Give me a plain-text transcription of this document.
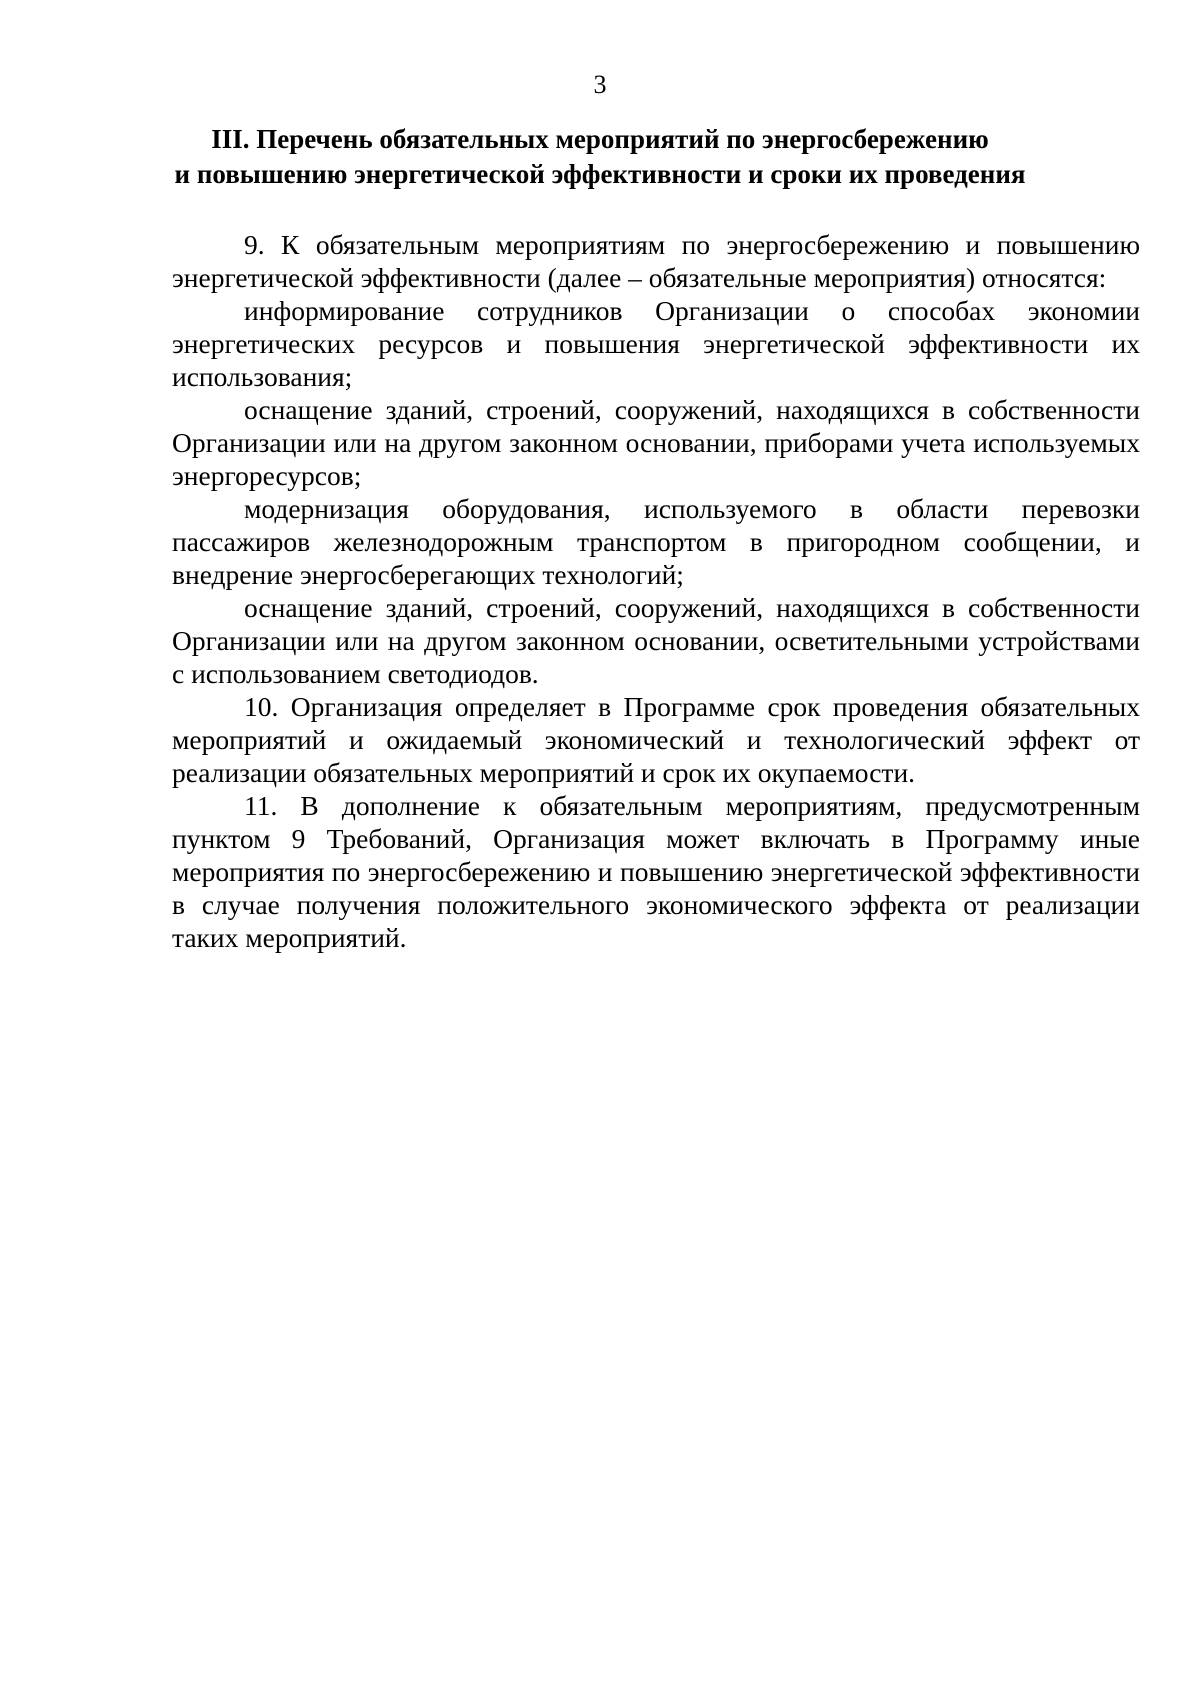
3
III. Перечень обязательных мероприятий по энергосбережению
и повышению энергетической эффективности и сроки их проведения

9. К обязательным мероприятиям по энергосбережению и повышению энергетической эффективности (далее – обязательные мероприятия) относятся:

информирование сотрудников Организации о способах экономии энергетических ресурсов и повышения энергетической эффективности их использования;

оснащение зданий, строений, сооружений, находящихся в собственности Организации или на другом законном основании, приборами учета используемых энергоресурсов;

модернизация оборудования, используемого в области перевозки пассажиров железнодорожным транспортом в пригородном сообщении, и внедрение энергосберегающих технологий;

оснащение зданий, строений, сооружений, находящихся в собственности Организации или на другом законном основании, осветительными устройствами с использованием светодиодов.

10. Организация определяет в Программе срок проведения обязательных мероприятий и ожидаемый экономический и технологический эффект от реализации обязательных мероприятий и срок их окупаемости.

11. В дополнение к обязательным мероприятиям, предусмотренным пунктом 9 Требований, Организация может включать в Программу иные мероприятия по энергосбережению и повышению энергетической эффективности в случае получения положительного экономического эффекта от реализации таких мероприятий.
